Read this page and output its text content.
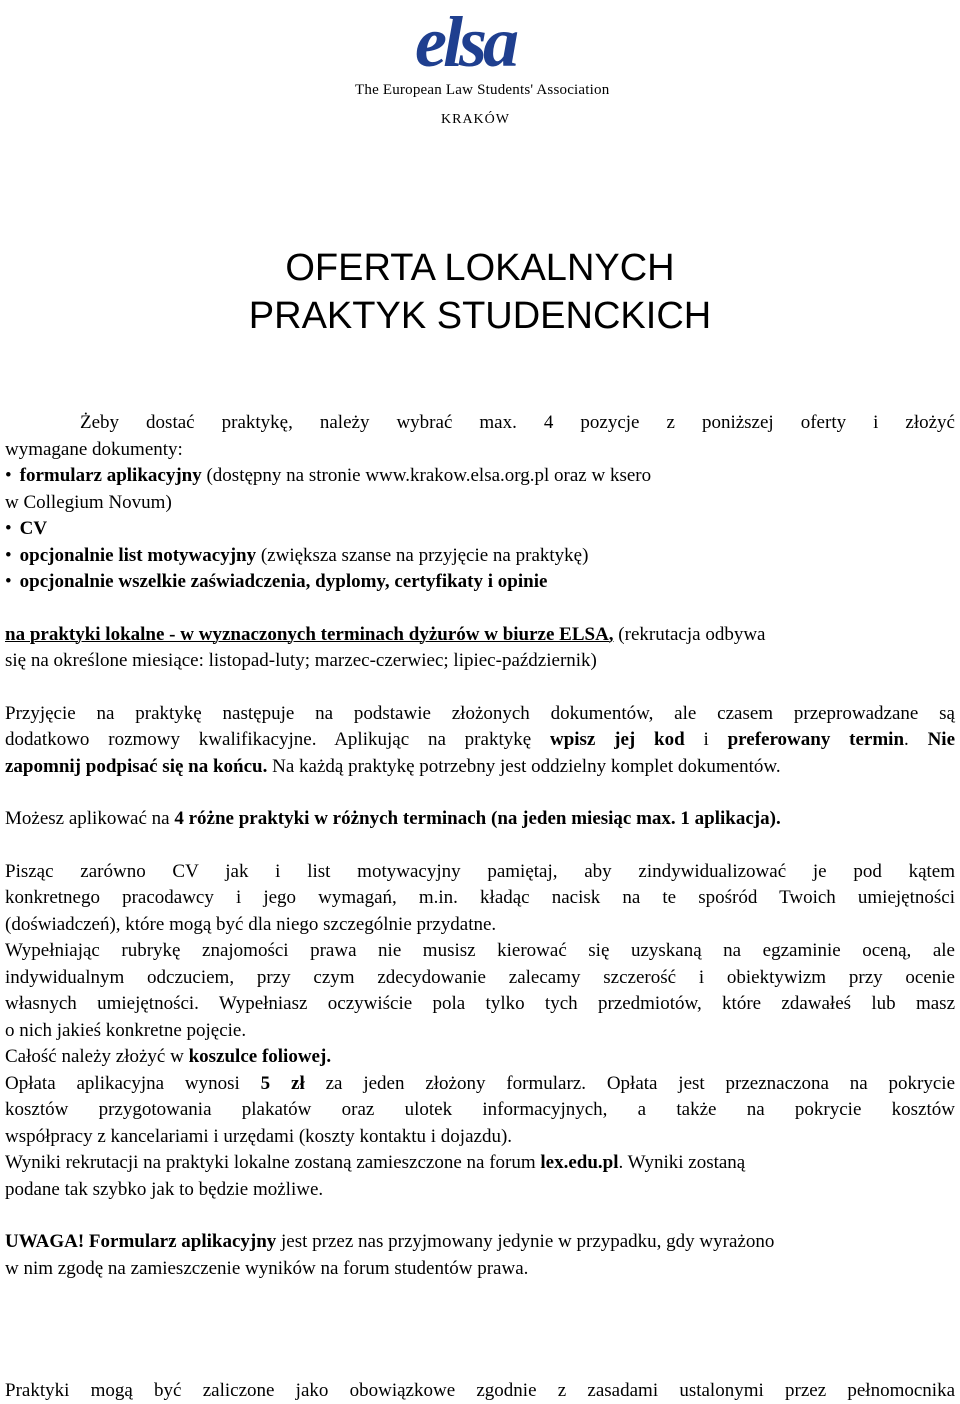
elsa
The European Law Students' Association
KRAKÓW
OFERTA LOKALNYCH
PRAKTYK STUDENCKICH
Żeby dostać praktykę, należy wybrać max. 4 pozycje z poniższej oferty i złożyć
wymagane dokumenty:
• formularz aplikacyjny (dostępny na stronie www.krakow.elsa.org.pl oraz w ksero
w Collegium Novum)
• CV
• opcjonalnie list motywacyjny (zwiększa szanse na przyjęcie na praktykę)
• opcjonalnie wszelkie zaświadczenia, dyplomy, certyfikaty i opinie
na praktyki lokalne - w wyznaczonych terminach dyżurów w biurze ELSA, (rekrutacja odbywa
się na określone miesiące: listopad-luty; marzec-czerwiec; lipiec-październik)
Przyjęcie na praktykę następuje na podstawie złożonych dokumentów, ale czasem przeprowadzane są
dodatkowo rozmowy kwalifikacyjne. Aplikując na praktykę wpisz jej kod i preferowany termin. Nie
zapomnij podpisać się na końcu. Na każdą praktykę potrzebny jest oddzielny komplet dokumentów.
Możesz aplikować na 4 różne praktyki w różnych terminach (na jeden miesiąc max. 1 aplikacja).
Pisząc zarówno CV jak i list motywacyjny pamiętaj, aby zindywidualizować je pod kątem
konkretnego pracodawcy i jego wymagań, m.in. kładąc nacisk na te spośród Twoich umiejętności
(doświadczeń), które mogą być dla niego szczególnie przydatne.
Wypełniając rubrykę znajomości prawa nie musisz kierować się uzyskaną na egzaminie oceną, ale
indywidualnym odczuciem, przy czym zdecydowanie zalecamy szczerość i obiektywizm przy ocenie
własnych umiejętności. Wypełniasz oczywiście pola tylko tych przedmiotów, które zdawałeś lub masz
o nich jakieś konkretne pojęcie.
Całość należy złożyć w koszulce foliowej.
Opłata aplikacyjna wynosi 5 zł za jeden złożony formularz. Opłata jest przeznaczona na pokrycie
kosztów przygotowania plakatów oraz ulotek informacyjnych, a także na pokrycie kosztów
współpracy z kancelariami i urzędami (koszty kontaktu i dojazdu).
Wyniki rekrutacji na praktyki lokalne zostaną zamieszczone na forum lex.edu.pl. Wyniki zostaną
podane tak szybko jak to będzie możliwe.
UWAGA! Formularz aplikacyjny jest przez nas przyjmowany jedynie w przypadku, gdy wyrażono
w nim zgodę na zamieszczenie wyników na forum studentów prawa.
Praktyki mogą być zaliczone jako obowiązkowe zgodnie z zasadami ustalonymi przez pełnomocnika
